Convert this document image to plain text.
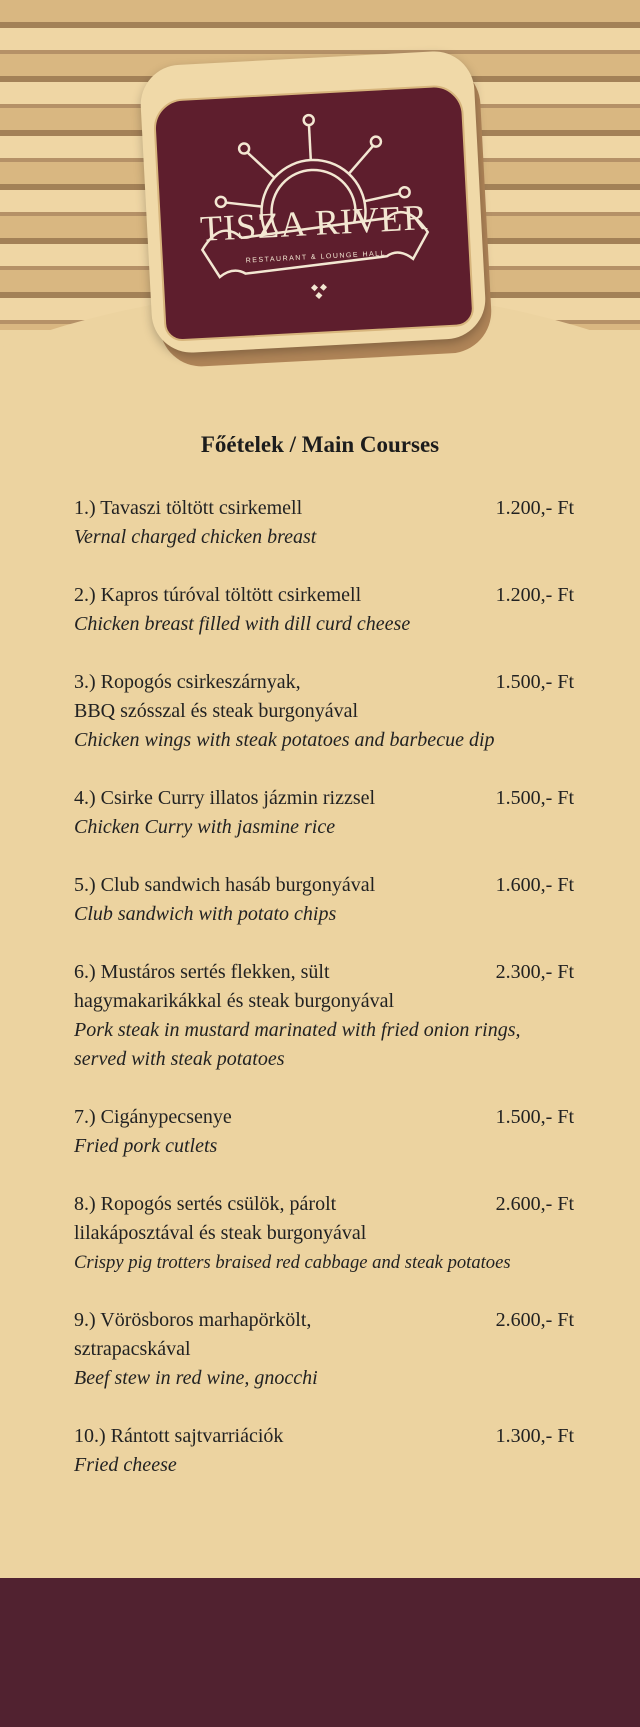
TISZA RIVER
RESTAURANT & LOUNGE HALL
Főételek / Main Courses
1.) Tavaszi töltött csirkemell	1.200,- Ft
Vernal charged chicken breast
2.) Kapros túróval töltött csirkemell	1.200,- Ft
Chicken breast filled with dill curd cheese
3.) Ropogós csirkeszárnyak,
BBQ szósszal és steak burgonyával
1.500,- Ft
Chicken wings with steak potatoes and barbecue dip
4.) Csirke Curry illatos jázmin rizzsel	1.500,- Ft
Chicken Curry with jasmine rice
5.) Club sandwich hasáb burgonyával	1.600,- Ft
Club sandwich with potato chips
6.) Mustáros sertés flekken, sült
hagymakarikákkal és steak burgonyával
2.300,- Ft
Pork steak in mustard marinated with fried onion rings, served with steak potatoes
7.) Cigánypecsenye	1.500,- Ft
Fried pork cutlets
8.) Ropogós sertés csülök, párolt
lilakáposztával és steak burgonyával
2.600,- Ft
Crispy pig trotters braised red cabbage and steak potatoes
9.) Vörösboros marhapörkölt,
sztrapacskával
2.600,- Ft
Beef stew in red wine, gnocchi
10.) Rántott sajtvarriációk	1.300,- Ft
Fried cheese
